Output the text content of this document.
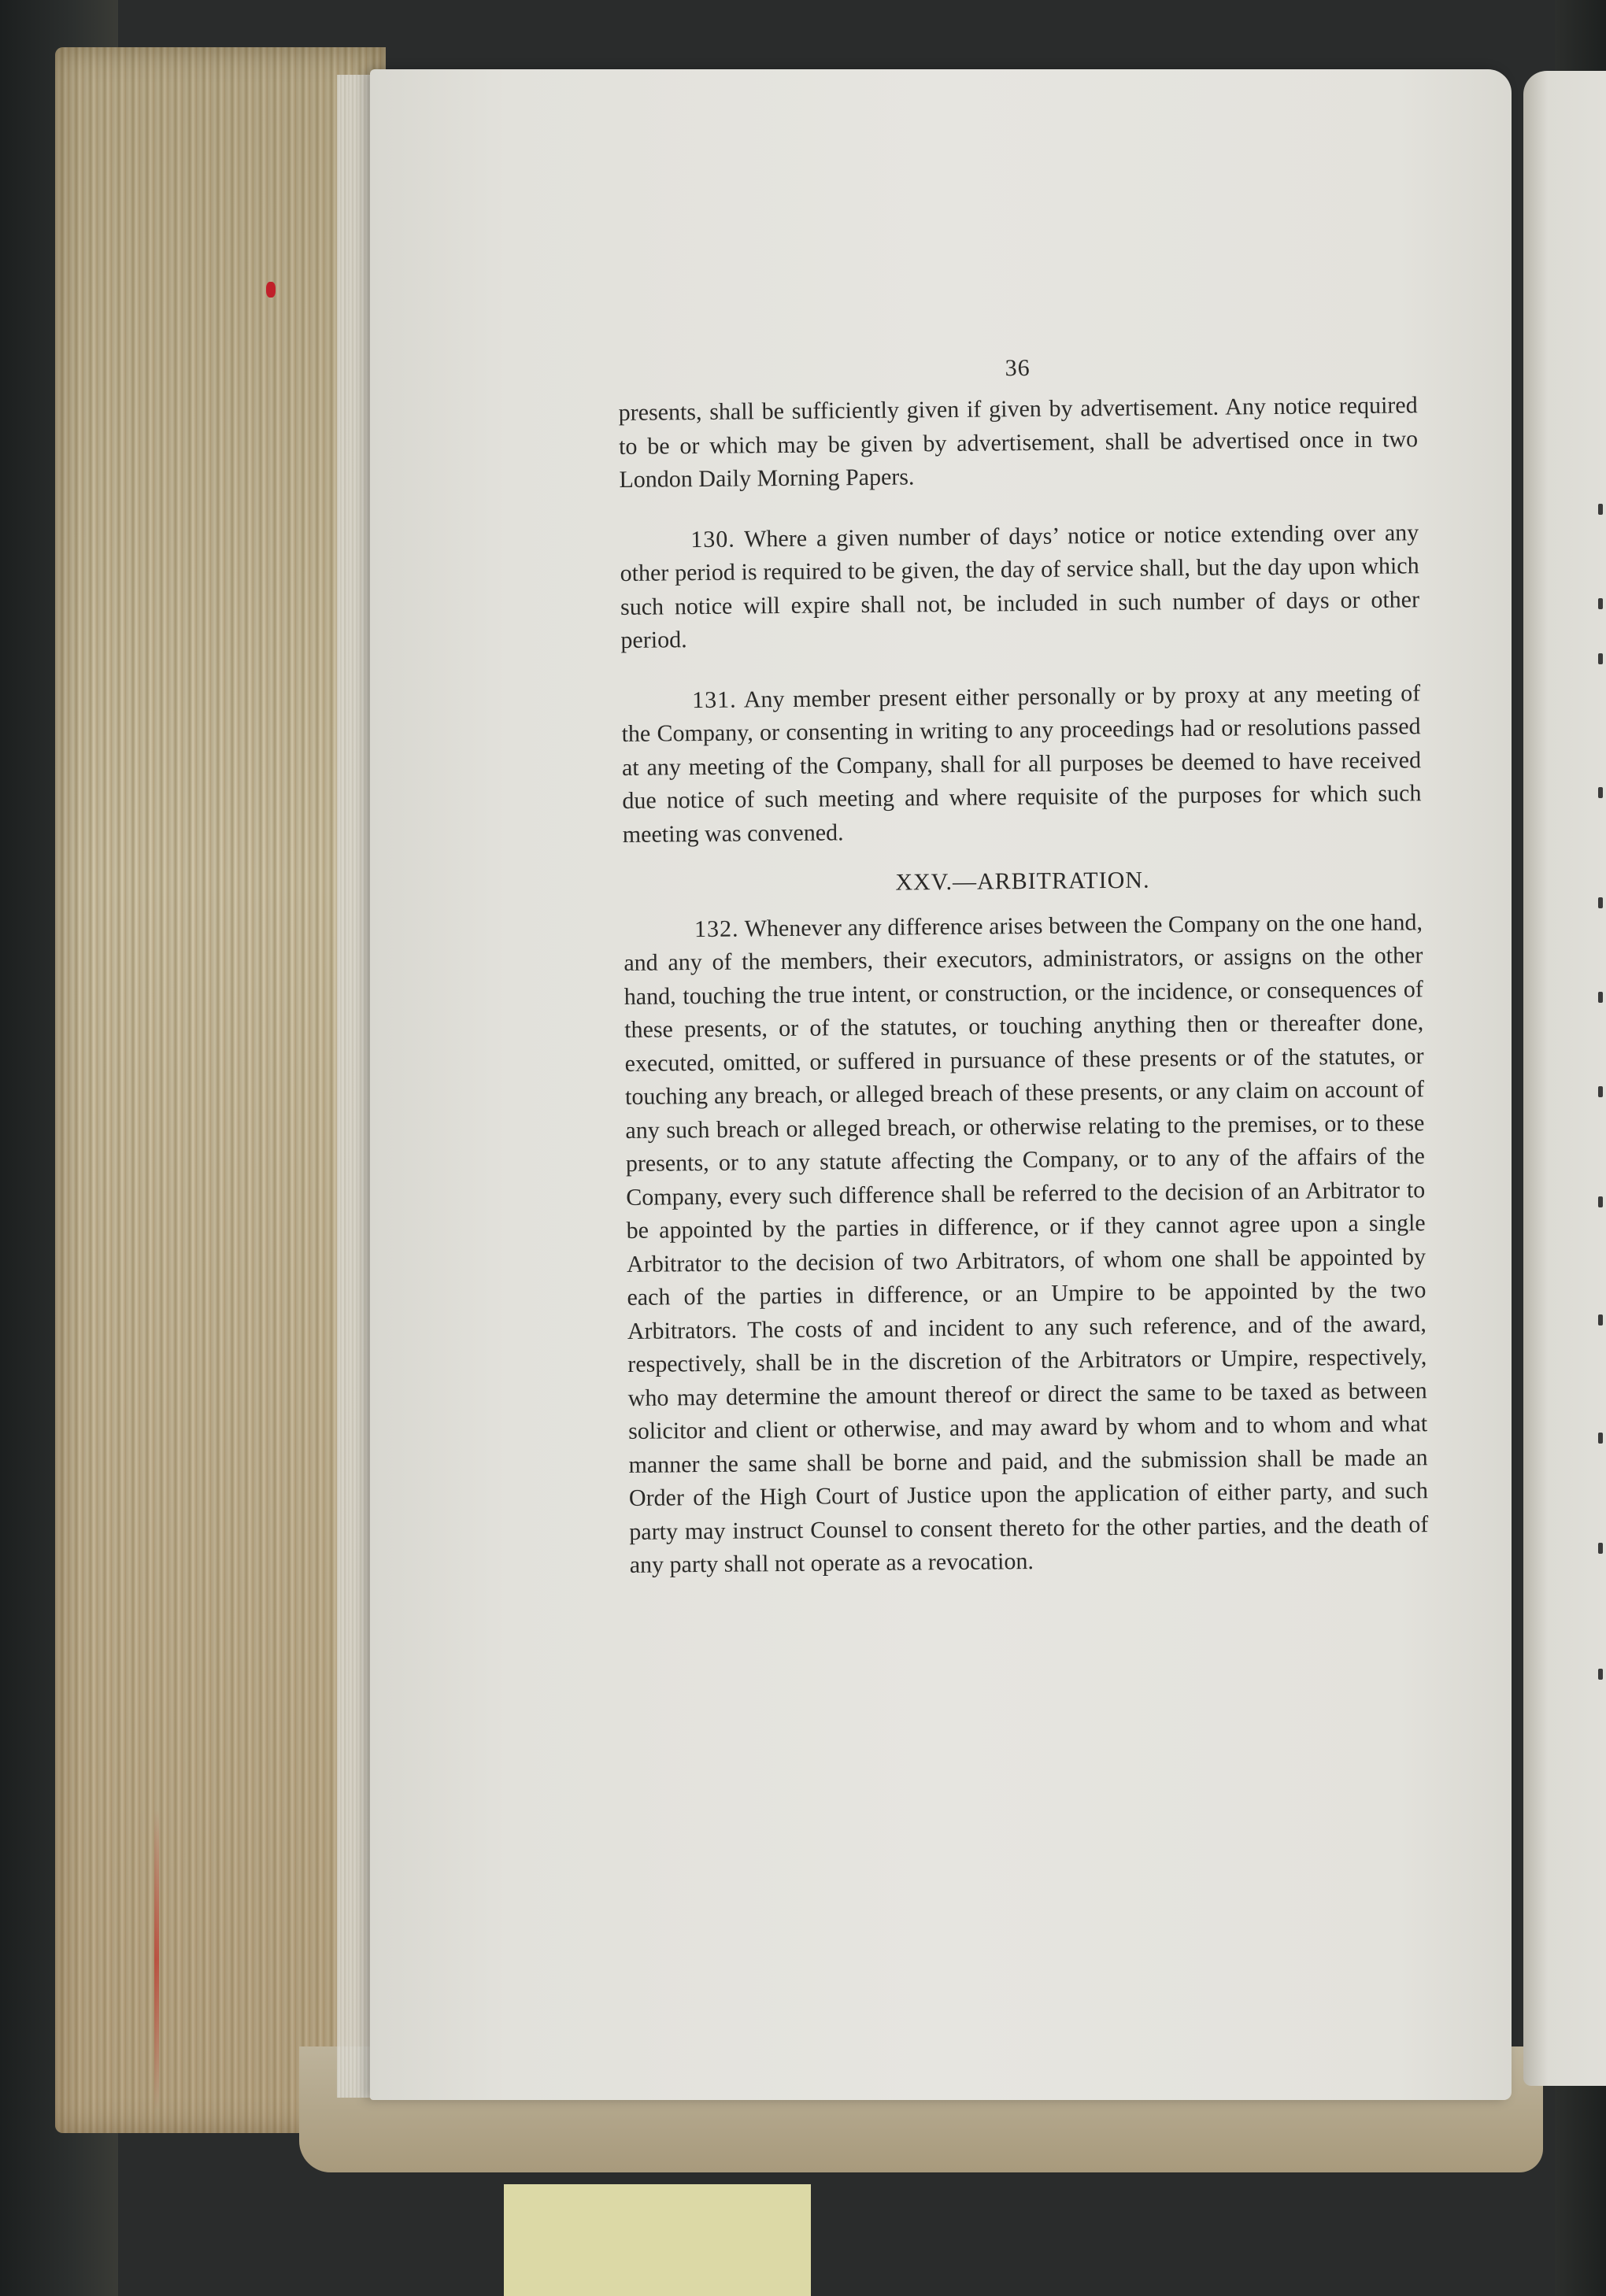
36

presents, shall be sufficiently given if given by advertisement. Any notice required to be or which may be given by advertisement, shall be advertised once in two London Daily Morning Papers.

130. Where a given number of days’ notice or notice extending over any other period is required to be given, the day of service shall, but the day upon which such notice will expire shall not, be included in such number of days or other period.

131. Any member present either personally or by proxy at any meeting of the Company, or consenting in writing to any proceedings had or resolutions passed at any meeting of the Company, shall for all purposes be deemed to have received due notice of such meeting and where requisite of the purposes for which such meeting was convened.

XXV.—ARBITRATION.

132. Whenever any difference arises between the Company on the one hand, and any of the members, their executors, administrators, or assigns on the other hand, touching the true intent, or construction, or the incidence, or consequences of these presents, or of the statutes, or touching anything then or thereafter done, executed, omitted, or suffered in pursuance of these presents or of the statutes, or touching any breach, or alleged breach of these presents, or any claim on account of any such breach or alleged breach, or otherwise relating to the premises, or to these presents, or to any statute affecting the Company, or to any of the affairs of the Company, every such difference shall be referred to the decision of an Arbitrator to be appointed by the parties in difference, or if they cannot agree upon a single Arbitrator to the decision of two Arbitrators, of whom one shall be appointed by each of the parties in difference, or an Umpire to be appointed by the two Arbitrators. The costs of and incident to any such reference, and of the award, respectively, shall be in the discretion of the Arbitrators or Umpire, respectively, who may determine the amount thereof or direct the same to be taxed as between solicitor and client or otherwise, and may award by whom and to whom and what manner the same shall be borne and paid, and the submission shall be made an Order of the High Court of Justice upon the application of either party, and such party may instruct Counsel to consent thereto for the other parties, and the death of any party shall not operate as a revocation.
